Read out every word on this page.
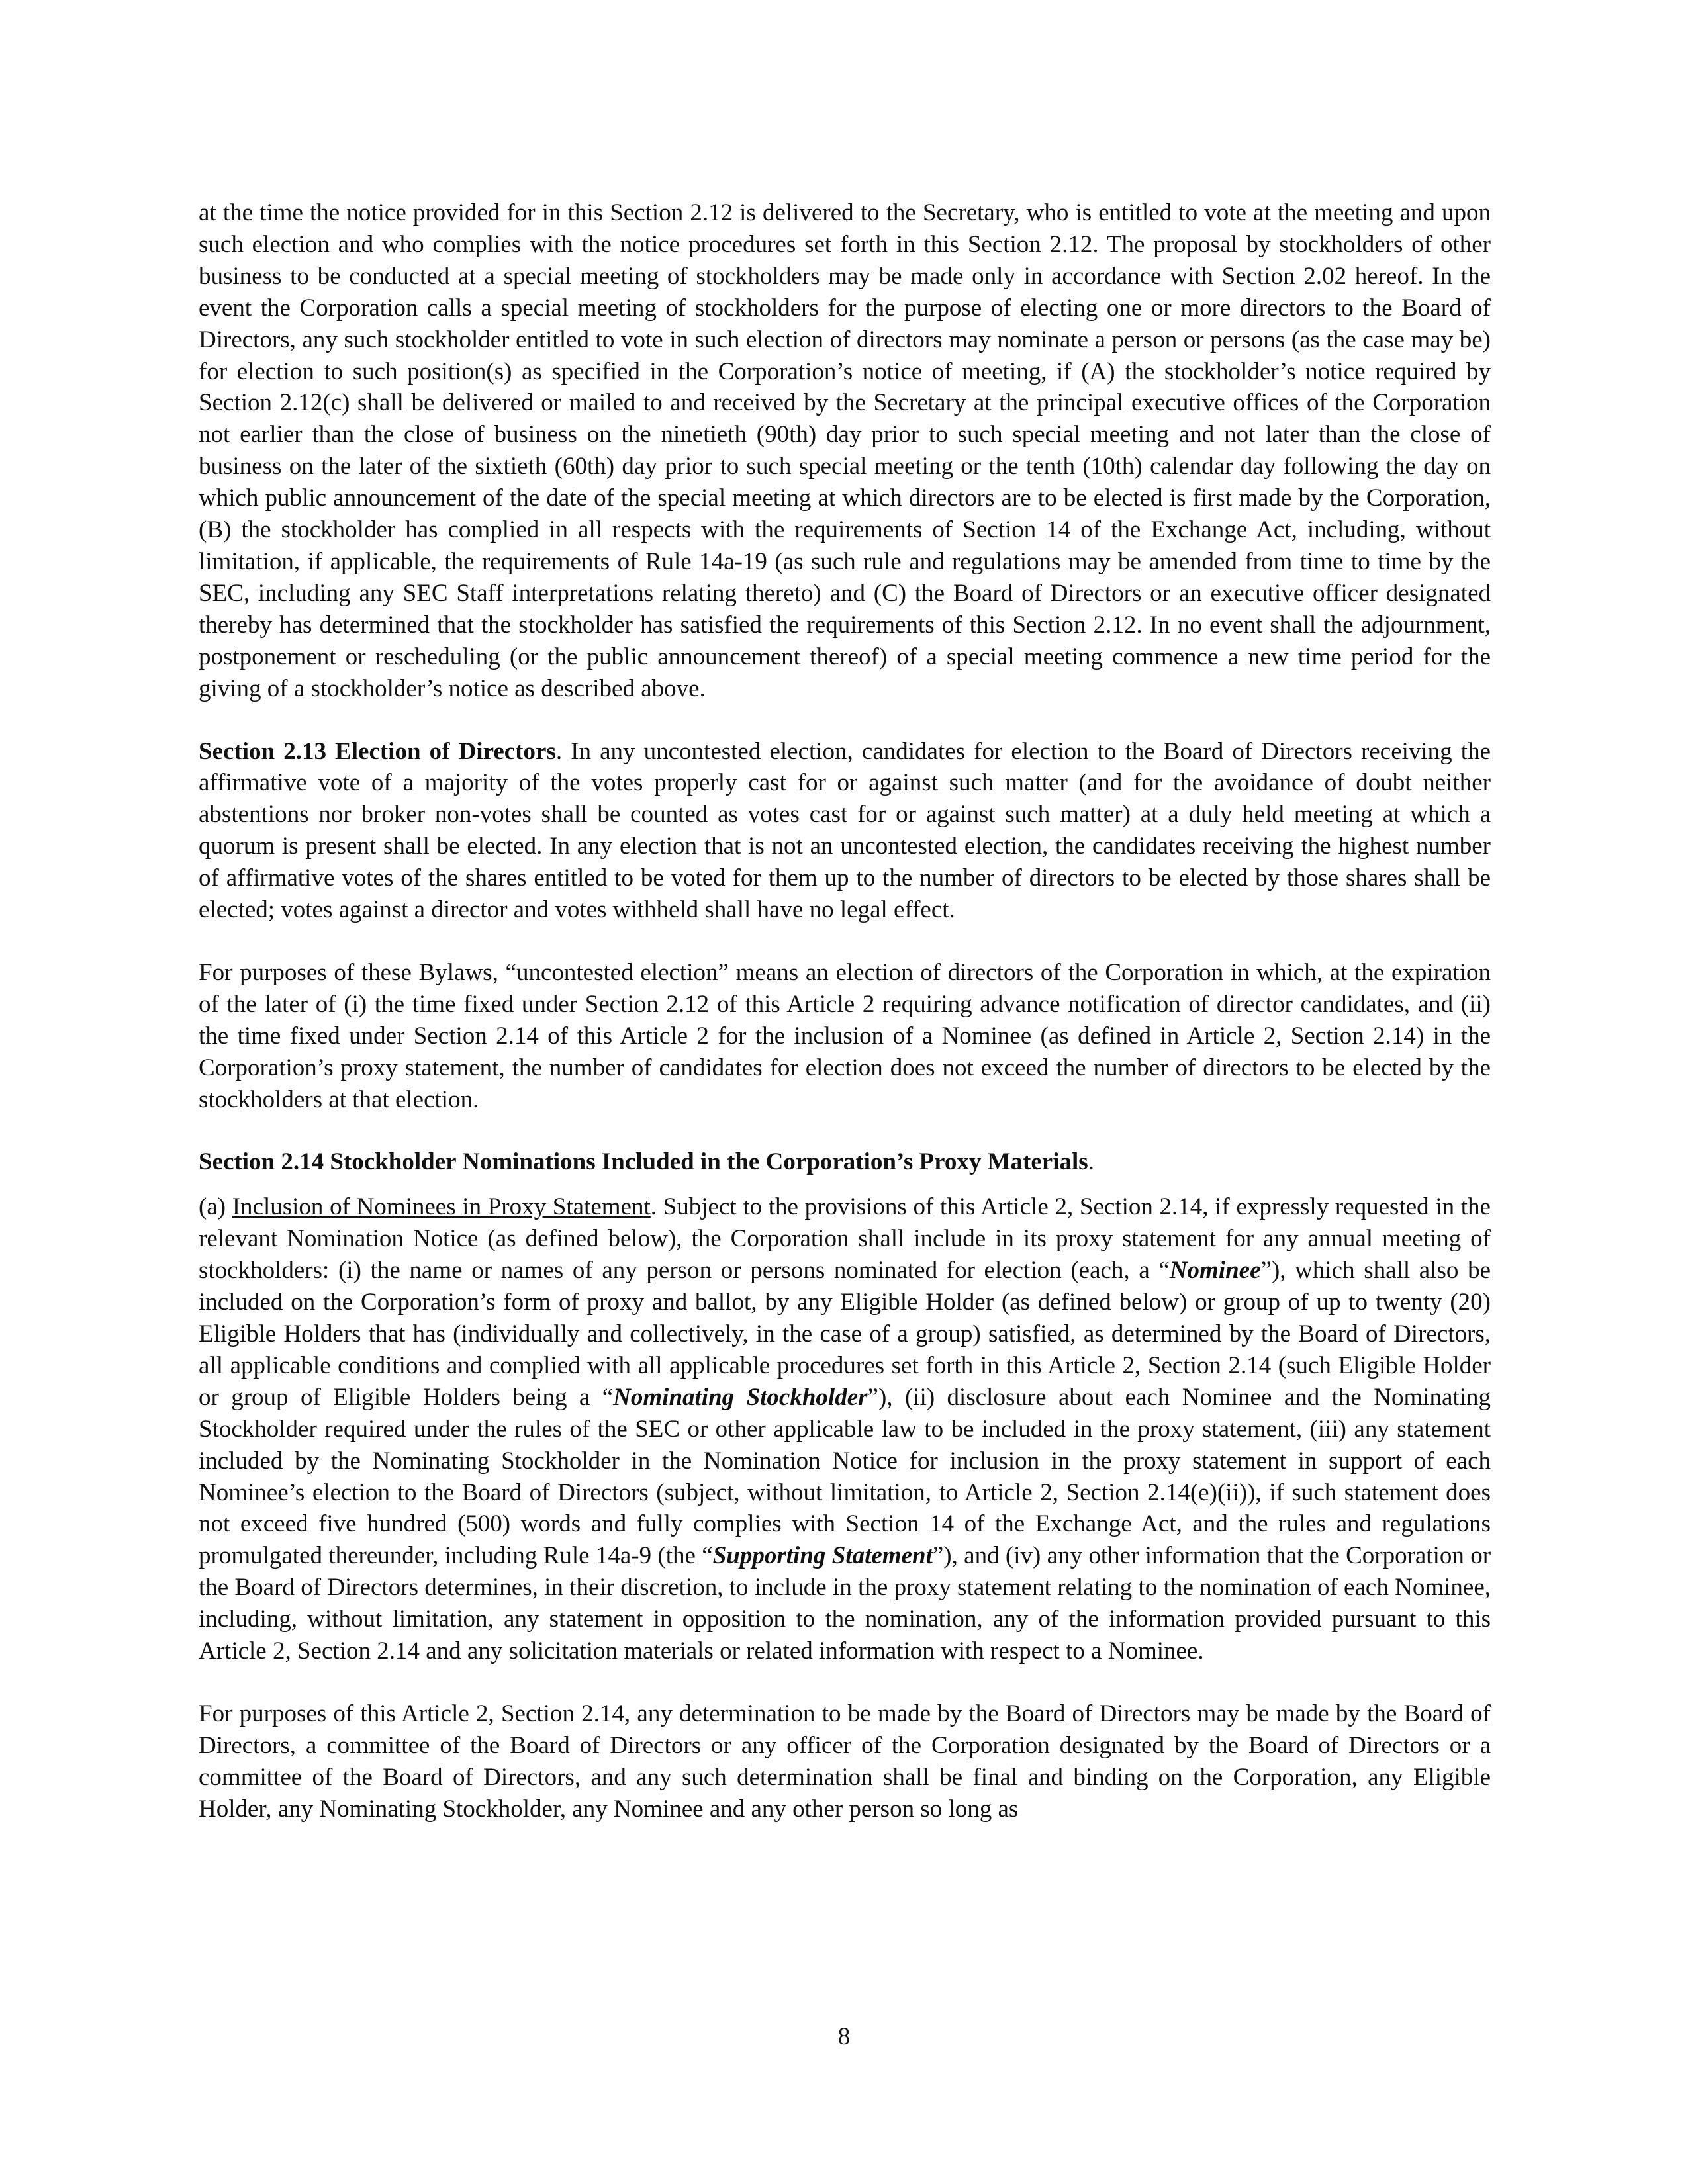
at the time the notice provided for in this Section 2.12 is delivered to the Secretary, who is entitled to vote at the meeting and upon such election and who complies with the notice procedures set forth in this Section 2.12. The proposal by stockholders of other business to be conducted at a special meeting of stockholders may be made only in accordance with Section 2.02 hereof. In the event the Corporation calls a special meeting of stockholders for the purpose of electing one or more directors to the Board of Directors, any such stockholder entitled to vote in such election of directors may nominate a person or persons (as the case may be) for election to such position(s) as specified in the Corporation’s notice of meeting, if (A) the stockholder’s notice required by Section 2.12(c) shall be delivered or mailed to and received by the Secretary at the principal executive offices of the Corporation not earlier than the close of business on the ninetieth (90th) day prior to such special meeting and not later than the close of business on the later of the sixtieth (60th) day prior to such special meeting or the tenth (10th) calendar day following the day on which public announcement of the date of the special meeting at which directors are to be elected is first made by the Corporation, (B) the stockholder has complied in all respects with the requirements of Section 14 of the Exchange Act, including, without limitation, if applicable, the requirements of Rule 14a-19 (as such rule and regulations may be amended from time to time by the SEC, including any SEC Staff interpretations relating thereto) and (C) the Board of Directors or an executive officer designated thereby has determined that the stockholder has satisfied the requirements of this Section 2.12. In no event shall the adjournment, postponement or rescheduling (or the public announcement thereof) of a special meeting commence a new time period for the giving of a stockholder’s notice as described above.

Section 2.13 Election of Directors. In any uncontested election, candidates for election to the Board of Directors receiving the affirmative vote of a majority of the votes properly cast for or against such matter (and for the avoidance of doubt neither abstentions nor broker non-votes shall be counted as votes cast for or against such matter) at a duly held meeting at which a quorum is present shall be elected. In any election that is not an uncontested election, the candidates receiving the highest number of affirmative votes of the shares entitled to be voted for them up to the number of directors to be elected by those shares shall be elected; votes against a director and votes withheld shall have no legal effect.

For purposes of these Bylaws, “uncontested election” means an election of directors of the Corporation in which, at the expiration of the later of (i) the time fixed under Section 2.12 of this Article 2 requiring advance notification of director candidates, and (ii) the time fixed under Section 2.14 of this Article 2 for the inclusion of a Nominee (as defined in Article 2, Section 2.14) in the Corporation’s proxy statement, the number of candidates for election does not exceed the number of directors to be elected by the stockholders at that election.

Section 2.14 Stockholder Nominations Included in the Corporation’s Proxy Materials.

(a) Inclusion of Nominees in Proxy Statement. Subject to the provisions of this Article 2, Section 2.14, if expressly requested in the relevant Nomination Notice (as defined below), the Corporation shall include in its proxy statement for any annual meeting of stockholders: (i) the name or names of any person or persons nominated for election (each, a “Nominee”), which shall also be included on the Corporation’s form of proxy and ballot, by any Eligible Holder (as defined below) or group of up to twenty (20) Eligible Holders that has (individually and collectively, in the case of a group) satisfied, as determined by the Board of Directors, all applicable conditions and complied with all applicable procedures set forth in this Article 2, Section 2.14 (such Eligible Holder or group of Eligible Holders being a “Nominating Stockholder”), (ii) disclosure about each Nominee and the Nominating Stockholder required under the rules of the SEC or other applicable law to be included in the proxy statement, (iii) any statement included by the Nominating Stockholder in the Nomination Notice for inclusion in the proxy statement in support of each Nominee’s election to the Board of Directors (subject, without limitation, to Article 2, Section 2.14(e)(ii)), if such statement does not exceed five hundred (500) words and fully complies with Section 14 of the Exchange Act, and the rules and regulations promulgated thereunder, including Rule 14a-9 (the “Supporting Statement”), and (iv) any other information that the Corporation or the Board of Directors determines, in their discretion, to include in the proxy statement relating to the nomination of each Nominee, including, without limitation, any statement in opposition to the nomination, any of the information provided pursuant to this Article 2, Section 2.14 and any solicitation materials or related information with respect to a Nominee.

For purposes of this Article 2, Section 2.14, any determination to be made by the Board of Directors may be made by the Board of Directors, a committee of the Board of Directors or any officer of the Corporation designated by the Board of Directors or a committee of the Board of Directors, and any such determination shall be final and binding on the Corporation, any Eligible Holder, any Nominating Stockholder, any Nominee and any other person so long as

8
